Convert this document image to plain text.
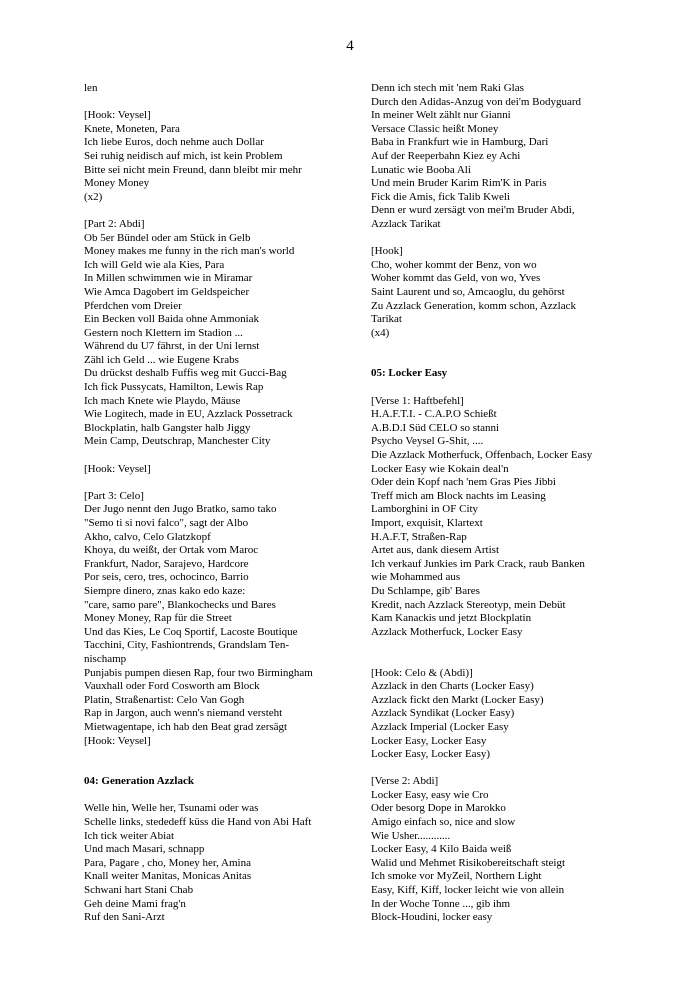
4
len
[Hook: Veysel]
Knete, Moneten, Para
Ich liebe Euros, doch nehme auch Dollar
Sei ruhig neidisch auf mich, ist kein Problem
Bitte sei nicht mein Freund, dann bleibt mir mehr
Money Money
(x2)
[Part 2: Abdi]
Ob 5er Bündel oder am Stück in Gelb
Money makes me funny in the rich man's world
Ich will Geld wie ala Kies, Para
In Millen schwimmen wie in Miramar
Wie Amca Dagobert im Geldspeicher
Pferdchen vom Dreier
Ein Becken voll Baida ohne Ammoniak
Gestern noch Klettern im Stadion ...
Während du U7 fährst, in der Uni lernst
Zähl ich Geld ... wie Eugene Krabs
Du drückst deshalb Fuffis weg mit Gucci-Bag
Ich fick Pussycats, Hamilton, Lewis Rap
Ich mach Knete wie Playdo, Mäuse
Wie Logitech, made in EU, Azzlack Possetrack
Blockplatin, halb Gangster halb Jiggy
Mein Camp, Deutschrap, Manchester City
[Hook: Veysel]
[Part 3: Celo]
Der Jugo nennt den Jugo Bratko, samo tako
"Semo ti si novi falco", sagt der Albo
Akho, calvo, Celo Glatzkopf
Khoya, du weißt, der Ortak vom Maroc
Frankfurt, Nador, Sarajevo, Hardcore
Por seis, cero, tres, ochocinco, Barrio
Siempre dinero, znas kako edo kaze:
"care, samo pare", Blankochecks und Bares
Money Money, Rap für die Street
Und das Kies, Le Coq Sportif, Lacoste Boutique
Tacchini, City, Fashiontrends, Grandslam Ten-
nischamp
Punjabis pumpen diesen Rap, four two Birmingham
Vauxhall oder Ford Cosworth am Block
Platin, Straßenartist: Celo Van Gogh
Rap in Jargon, auch wenn's niemand versteht
Mietwagentape, ich hab den Beat grad zersägt
[Hook: Veysel]
04: Generation Azzlack
Welle hin, Welle her, Tsunami oder was
Schelle links, stededeff küss die Hand von Abi Haft
Ich tick weiter Abiat
Und mach Masari, schnapp
Para, Pagare , cho, Money her, Amina
Knall weiter Manitas, Monicas Anitas
Schwani hart Stani Chab
Geh deine Mami frag'n
Ruf den Sani-Arzt
Denn ich stech mit 'nem Raki Glas
Durch den Adidas-Anzug von dei'm Bodyguard
In meiner Welt zählt nur Gianni
Versace Classic heißt Money
Baba in Frankfurt wie in Hamburg, Dari
Auf der Reeperbahn Kiez ey Achi
Lunatic wie Booba Ali
Und mein Bruder Karim Rim'K in Paris
Fick die Amis, fick Talib Kweli
Denn er wurd zersägt von mei'm Bruder Abdi,
Azzlack Tarikat
[Hook]
Cho, woher kommt der Benz, von wo
Woher kommt das Geld, von wo, Yves
Saint Laurent und so, Amcaoglu, du gehörst
Zu Azzlack Generation, komm schon, Azzlack
Tarikat
(x4)
05: Locker Easy
[Verse 1: Haftbefehl]
H.A.F.T.I. - C.A.P.O Schießt
A.B.D.I Süd CELO so stanni
Psycho Veysel G-Shit, ....
Die Azzlack Motherfuck, Offenbach, Locker Easy
Locker Easy wie Kokain deal'n
Oder dein Kopf nach 'nem Gras Pies Jibbi
Treff mich am Block nachts im Leasing
Lamborghini in OF City
Import, exquisit, Klartext
H.A.F.T, Straßen-Rap
Artet aus, dank diesem Artist
Ich verkauf Junkies im Park Crack, raub Banken
wie Mohammed aus
Du Schlampe, gib' Bares
Kredit, nach Azzlack Stereotyp, mein Debüt
Kam Kanackis und jetzt Blockplatin
Azzlack Motherfuck, Locker Easy
[Hook: Celo & (Abdi)]
Azzlack in den Charts (Locker Easy)
Azzlack fickt den Markt (Locker Easy)
Azzlack Syndikat (Locker Easy)
Azzlack Imperial (Locker Easy
Locker Easy, Locker Easy
Locker Easy, Locker Easy)
[Verse 2: Abdi]
Locker Easy, easy wie Cro
Oder besorg Dope in Marokko
Amigo einfach so, nice and slow
Wie Usher............
Locker Easy, 4 Kilo Baida weiß
Walid und Mehmet Risikobereitschaft steigt
Ich smoke vor MyZeil, Northern Light
Easy, Kiff, Kiff, locker leicht wie von allein
In der Woche Tonne ..., gib ihm
Block-Houdini, locker easy
